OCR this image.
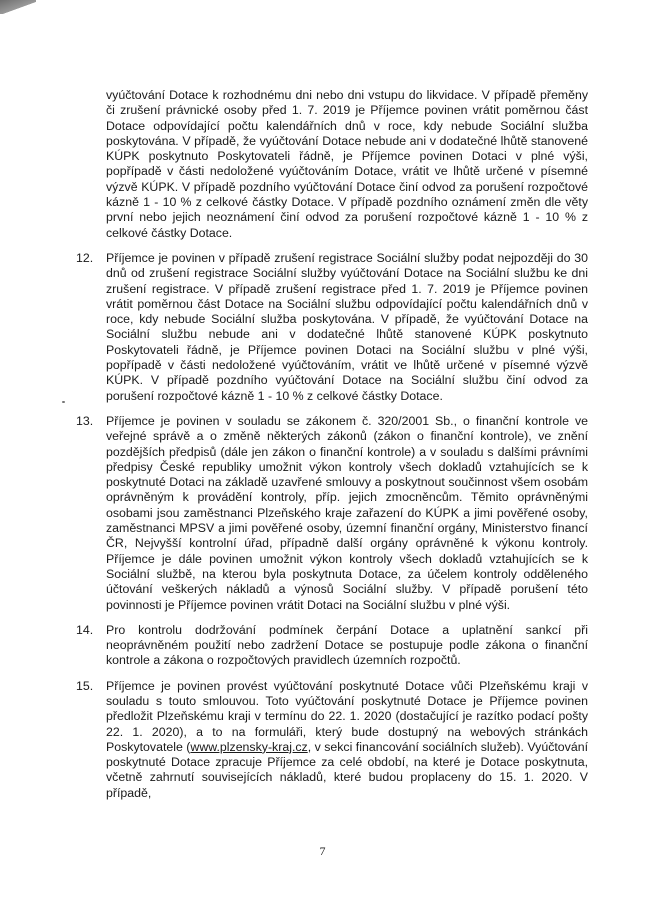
vyúčtování Dotace k rozhodnému dni nebo dni vstupu do likvidace. V případě přeměny či zrušení právnické osoby před 1. 7. 2019 je Příjemce povinen vrátit poměrnou část Dotace odpovídající počtu kalendářních dnů v roce, kdy nebude Sociální služba poskytována. V případě, že vyúčtování Dotace nebude ani v dodatečné lhůtě stanovené KÚPK poskytnuto Poskytovateli řádně, je Příjemce povinen Dotaci v plné výši, popřípadě v části nedoložené vyúčtováním Dotace, vrátit ve lhůtě určené v písemné výzvě KÚPK. V případě pozdního vyúčtování Dotace činí odvod za porušení rozpočtové kázně 1 - 10 % z celkové částky Dotace. V případě pozdního oznámení změn dle věty první nebo jejich neoznámení činí odvod za porušení rozpočtové kázně 1 - 10 % z celkové částky Dotace.
12.	Příjemce je povinen v případě zrušení registrace Sociální služby podat nejpozději do 30 dnů od zrušení registrace Sociální služby vyúčtování Dotace na Sociální službu ke dni zrušení registrace. V případě zrušení registrace před 1. 7. 2019 je Příjemce povinen vrátit poměrnou část Dotace na Sociální službu odpovídající počtu kalendářních dnů v roce, kdy nebude Sociální služba poskytována. V případě, že vyúčtování Dotace na Sociální službu nebude ani v dodatečné lhůtě stanovené KÚPK poskytnuto Poskytovateli řádně, je Příjemce povinen Dotaci na Sociální službu v plné výši, popřípadě v části nedoložené vyúčtováním, vrátit ve lhůtě určené v písemné výzvě KÚPK. V případě pozdního vyúčtování Dotace na Sociální službu činí odvod za porušení rozpočtové kázně 1 - 10 % z celkové částky Dotace.
13.	Příjemce je povinen v souladu se zákonem č. 320/2001 Sb., o finanční kontrole ve veřejné správě a o změně některých zákonů (zákon o finanční kontrole), ve znění pozdějších předpisů (dále jen zákon o finanční kontrole) a v souladu s dalšími právními předpisy České republiky umožnit výkon kontroly všech dokladů vztahujících se k poskytnuté Dotaci na základě uzavřené smlouvy a poskytnout součinnost všem osobám oprávněným k provádění kontroly, příp. jejich zmocněncům. Těmito oprávněnými osobami jsou zaměstnanci Plzeňského kraje zařazení do KÚPK a jimi pověřené osoby, zaměstnanci MPSV a jimi pověřené osoby, územní finanční orgány, Ministerstvo financí ČR, Nejvyšší kontrolní úřad, případně další orgány oprávněné k výkonu kontroly. Příjemce je dále povinen umožnit výkon kontroly všech dokladů vztahujících se k Sociální službě, na kterou byla poskytnuta Dotace, za účelem kontroly odděleného účtování veškerých nákladů a výnosů Sociální služby. V případě porušení této povinnosti je Příjemce povinen vrátit Dotaci na Sociální službu v plné výši.
14.	Pro kontrolu dodržování podmínek čerpání Dotace a uplatnění sankcí při neoprávněném použití nebo zadržení Dotace se postupuje podle zákona o finanční kontrole a zákona o rozpočtových pravidlech územních rozpočtů.
15.	Příjemce je povinen provést vyúčtování poskytnuté Dotace vůči Plzeňskému kraji v souladu s touto smlouvou. Toto vyúčtování poskytnuté Dotace je Příjemce povinen předložit Plzeňskému kraji v termínu do 22. 1. 2020 (dostačující je razítko podací pošty 22. 1. 2020), a to na formuláři, který bude dostupný na webových stránkách Poskytovatele (www.plzensky-kraj.cz, v sekci financování sociálních služeb). Vyúčtování poskytnuté Dotace zpracuje Příjemce za celé období, na které je Dotace poskytnuta, včetně zahrnutí souvisejících nákladů, které budou proplaceny do 15. 1. 2020. V případě,
7
